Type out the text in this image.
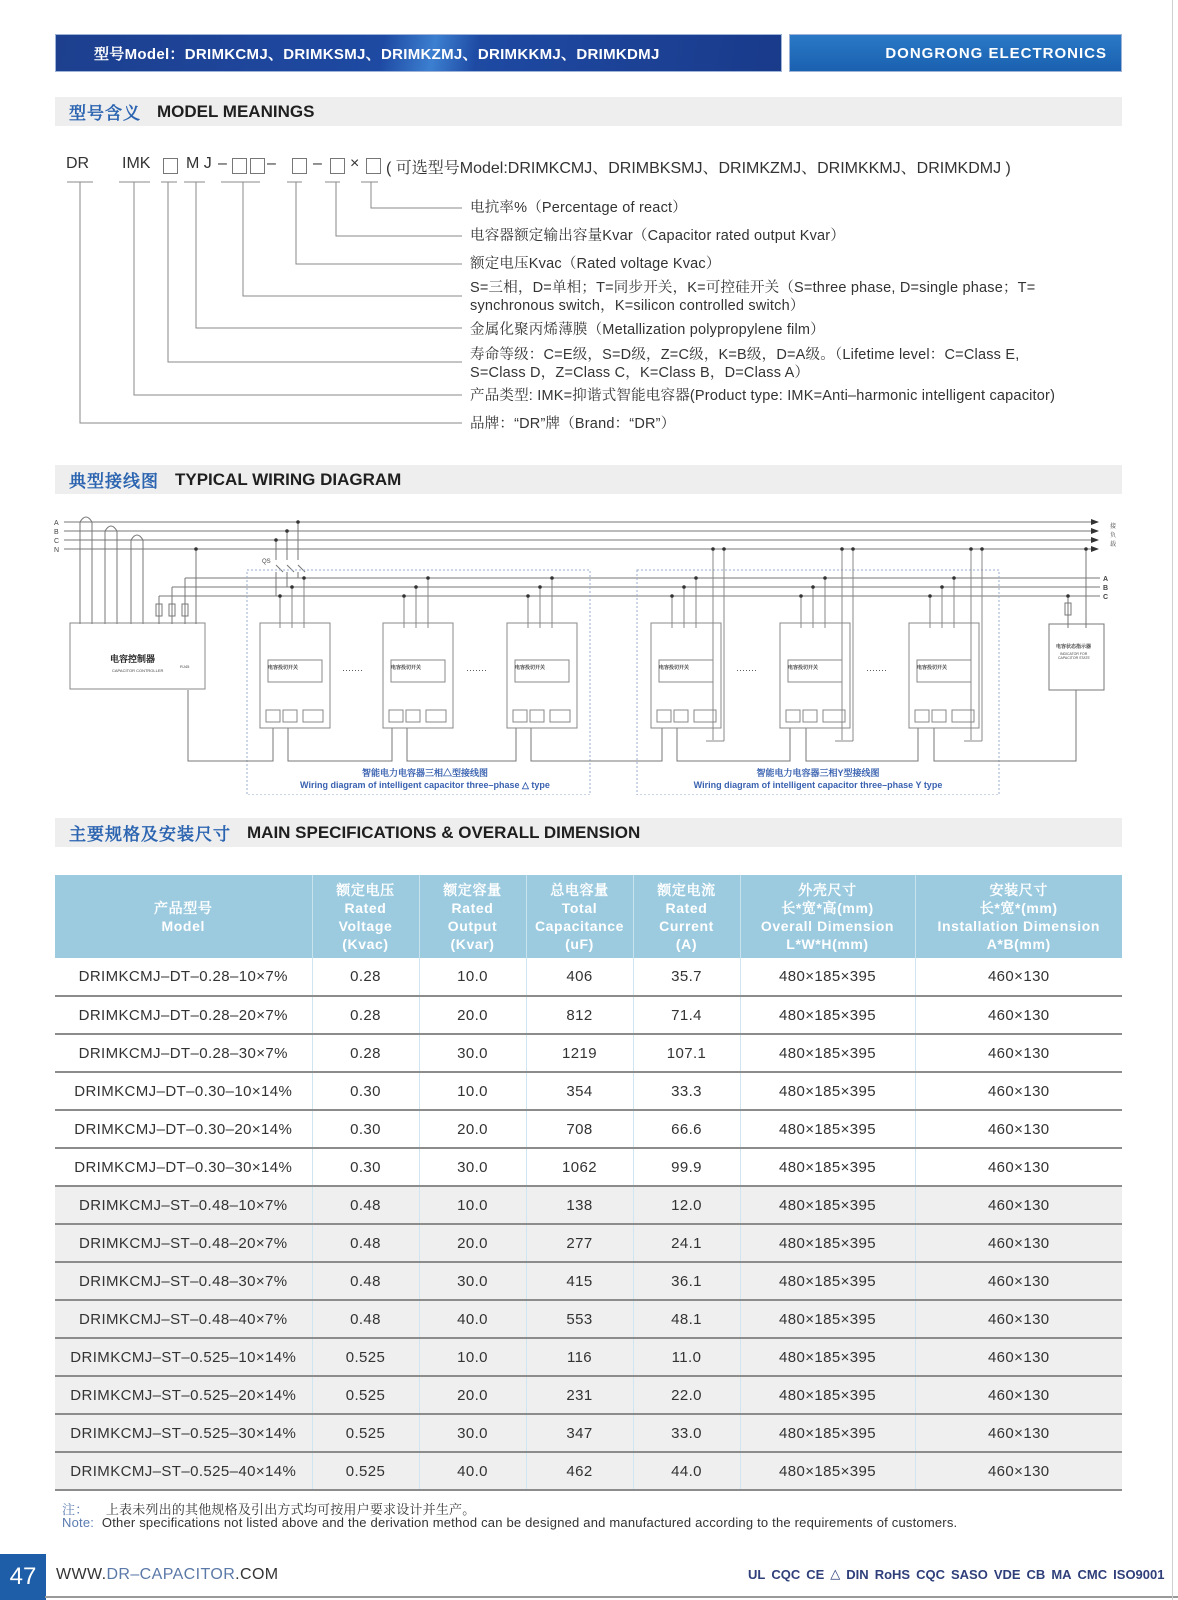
型号Model：DRIMKCMJ、DRIMKSMJ、DRIMKZMJ、DRIMKKMJ、DRIMKDMJ	DONGRONG ELECTRONICS
型号含义 MODEL MEANINGS
DR IMK M J –	– – × ( 可选型号Model:DRIMKCMJ、DRIMBKSMJ、DRIMKZMJ、DRIMKKMJ、DRIMKDMJ )
电抗率%（Percentage of react）
电容器额定输出容量Kvar（Capacitor rated output Kvar）
额定电压Kvac（Rated voltage Kvac）
S=三相，D=单相；T=同步开关，K=可控硅开关（S=three phase, D=single phase；T=
synchronous switch，K=silicon controlled switch）
金属化聚丙烯薄膜（Metallization polypropylene film）
寿命等级：C=E级，S=D级，Z=C级，K=B级，D=A级。（Lifetime level：C=Class E,
S=Class D，Z=Class C，K=Class B，D=Class A）
产品类型: IMK=抑谐式智能电容器(Product type: IMK=Anti–harmonic intelligent capacitor)
品牌：“DR”牌（Brand：“DR”）
典型接线图 TYPICAL WIRING DIAGRAM
A
B
C
N
A
B
C
接
负
载
QS
电容控制器
CAPACITOR CONTROLLER
RJ45
电容状态指示器
INDICATOR FOR
CAPACITOR STATE
·······	·······	·······	·······
电容投切开关	电容投切开关	电容投切开关	电容投切开关	电容投切开关	电容投切开关
智能电力电容器三相△型接线图
Wiring diagram of intelligent capacitor three–phase △ type
智能电力电容器三相Y型接线图
Wiring diagram of intelligent capacitor three–phase Y type
主要规格及安装尺寸 MAIN SPECIFICATIONS & OVERALL DIMENSION
产品型号
Model

额定电压
Rated
Voltage
(Kvac)

额定容量
Rated
Output
(Kvar)

总电容量
Total
Capacitance
(uF)

额定电流
Rated
Current
(A)

外壳尺寸
长*宽*高(mm)
Overall Dimension
L*W*H(mm)

安装尺寸
长*宽*(mm)
Installation Dimension
A*B(mm)

DRIMKCMJ–DT–0.28–10×7%	0.28	10.0	406	35.7	480×185×395	460×130
DRIMKCMJ–DT–0.28–20×7%	0.28	20.0	812	71.4	480×185×395	460×130
DRIMKCMJ–DT–0.28–30×7%	0.28	30.0	1219	107.1	480×185×395	460×130
DRIMKCMJ–DT–0.30–10×14%	0.30	10.0	354	33.3	480×185×395	460×130
DRIMKCMJ–DT–0.30–20×14%	0.30	20.0	708	66.6	480×185×395	460×130
DRIMKCMJ–DT–0.30–30×14%	0.30	30.0	1062	99.9	480×185×395	460×130
DRIMKCMJ–ST–0.48–10×7%	0.48	10.0	138	12.0	480×185×395	460×130
DRIMKCMJ–ST–0.48–20×7%	0.48	20.0	277	24.1	480×185×395	460×130
DRIMKCMJ–ST–0.48–30×7%	0.48	30.0	415	36.1	480×185×395	460×130
DRIMKCMJ–ST–0.48–40×7%	0.48	40.0	553	48.1	480×185×395	460×130
DRIMKCMJ–ST–0.525–10×14%	0.525	10.0	116	11.0	480×185×395	460×130
DRIMKCMJ–ST–0.525–20×14%	0.525	20.0	231	22.0	480×185×395	460×130
DRIMKCMJ–ST–0.525–30×14%	0.525	30.0	347	33.0	480×185×395	460×130
DRIMKCMJ–ST–0.525–40×14%	0.525	40.0	462	44.0	480×185×395	460×130
注： 上表未列出的其他规格及引出方式均可按用户要求设计并生产。
Note: Other specifications not listed above and the derivation method can be designed and manufactured according to the requirements of customers.
47	WWW.DR–CAPACITOR.COM	UL CQC CE △ DIN RoHS CQC SASO VDE CB MA CMC ISO9001
